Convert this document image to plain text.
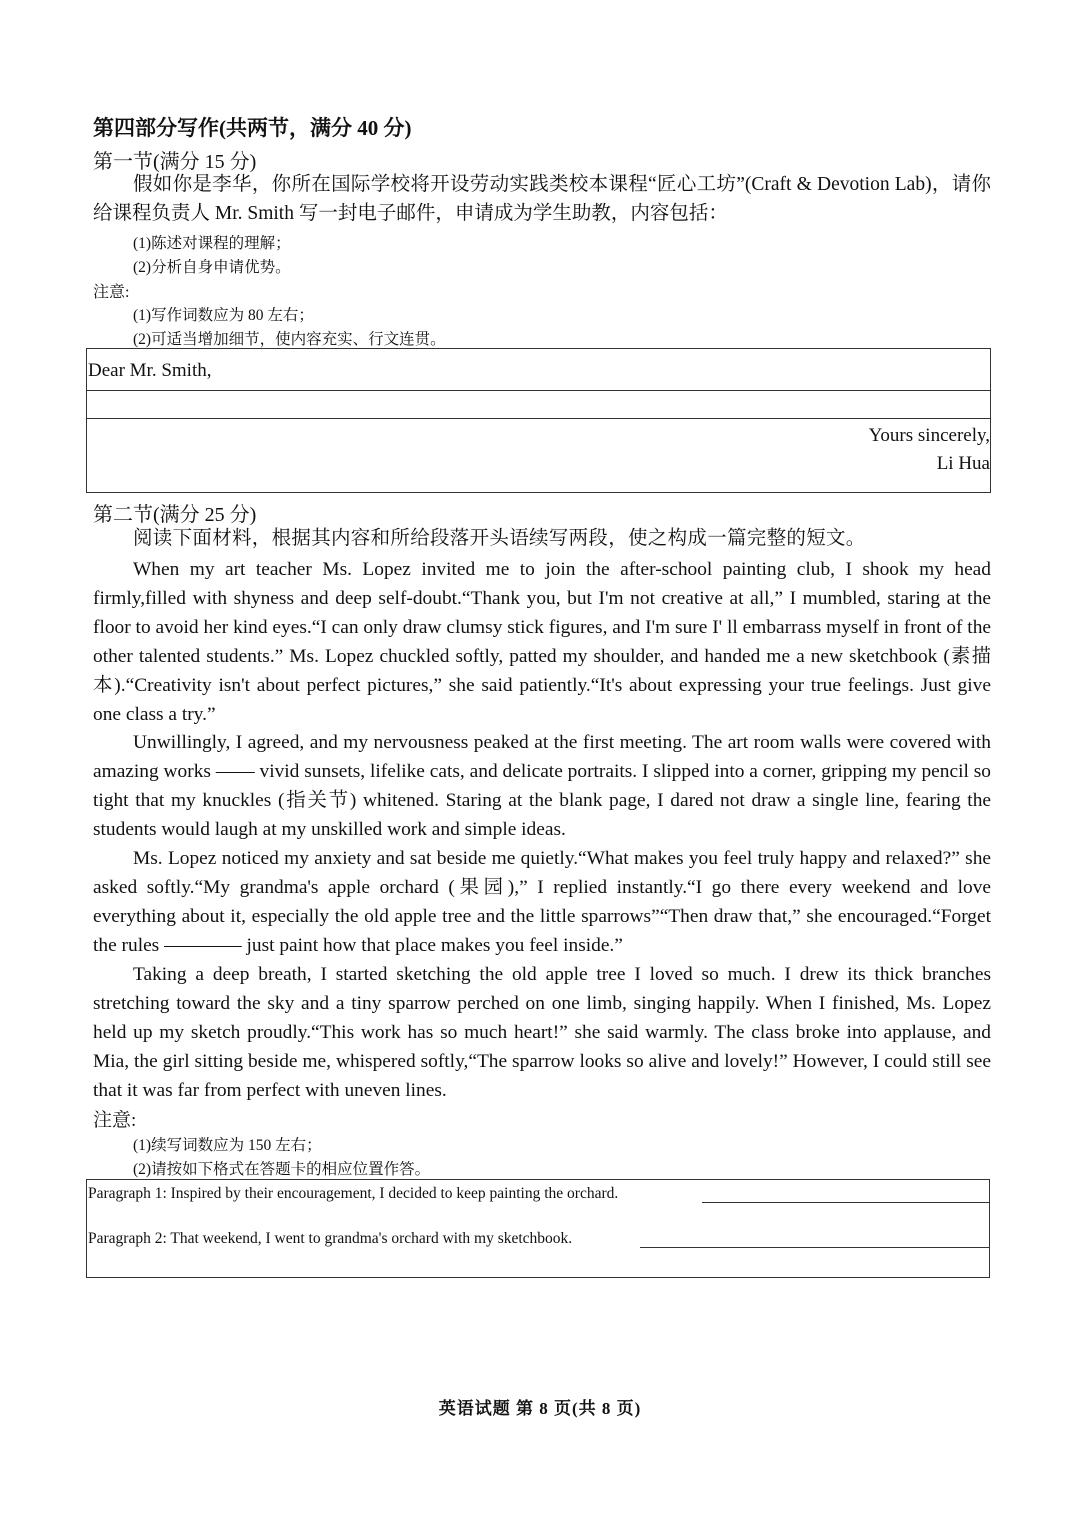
第四部分写作(共两节，满分 40 分)
第一节(满分 15 分)
假如你是李华，你所在国际学校将开设劳动实践类校本课程“匠心工坊”(Craft & Devotion Lab)，请你给课程负责人 Mr. Smith 写一封电子邮件，申请成为学生助教，内容包括：
(1)陈述对课程的理解；
(2)分析自身申请优势。
注意:
(1)写作词数应为 80 左右；
(2)可适当增加细节，使内容充实、行文连贯。
Dear Mr. Smith,
Yours sincerely,
Li Hua
第二节(满分 25 分)
阅读下面材料，根据其内容和所给段落开头语续写两段，使之构成一篇完整的短文。
When my art teacher Ms. Lopez invited me to join the after-school painting club, I shook my head firmly,filled with shyness and deep self-doubt.“Thank you, but I'm not creative at all,” I mumbled, staring at the floor to avoid her kind eyes.“I can only draw clumsy stick figures, and I'm sure I' ll embarrass myself in front of the other talented students.” Ms. Lopez chuckled softly, patted my shoulder, and handed me a new sketchbook (素描本).“Creativity isn't about perfect pictures,” she said patiently.“It's about expressing your true feelings. Just give one class a try.”
Unwillingly, I agreed, and my nervousness peaked at the first meeting. The art room walls were covered with amazing works —— vivid sunsets, lifelike cats, and delicate portraits. I slipped into a corner, gripping my pencil so tight that my knuckles (指关节) whitened. Staring at the blank page, I dared not draw a single line, fearing the students would laugh at my unskilled work and simple ideas.
Ms. Lopez noticed my anxiety and sat beside me quietly.“What makes you feel truly happy and relaxed?” she asked softly.“My grandma's apple orchard (果园),” I replied instantly.“I go there every weekend and love everything about it, especially the old apple tree and the little sparrows”“Then draw that,” she encouraged.“Forget the rules ———— just paint how that place makes you feel inside.”
Taking a deep breath, I started sketching the old apple tree I loved so much. I drew its thick branches stretching toward the sky and a tiny sparrow perched on one limb, singing happily. When I finished, Ms. Lopez held up my sketch proudly.“This work has so much heart!” she said warmly. The class broke into applause, and Mia, the girl sitting beside me, whispered softly,“The sparrow looks so alive and lovely!” However, I could still see that it was far from perfect with uneven lines.
注意:
(1)续写词数应为 150 左右；
(2)请按如下格式在答题卡的相应位置作答。
Paragraph 1: Inspired by their encouragement, I decided to keep painting the orchard.
Paragraph 2: That weekend, I went to grandma's orchard with my sketchbook.
英语试题 第 8 页(共 8 页)
